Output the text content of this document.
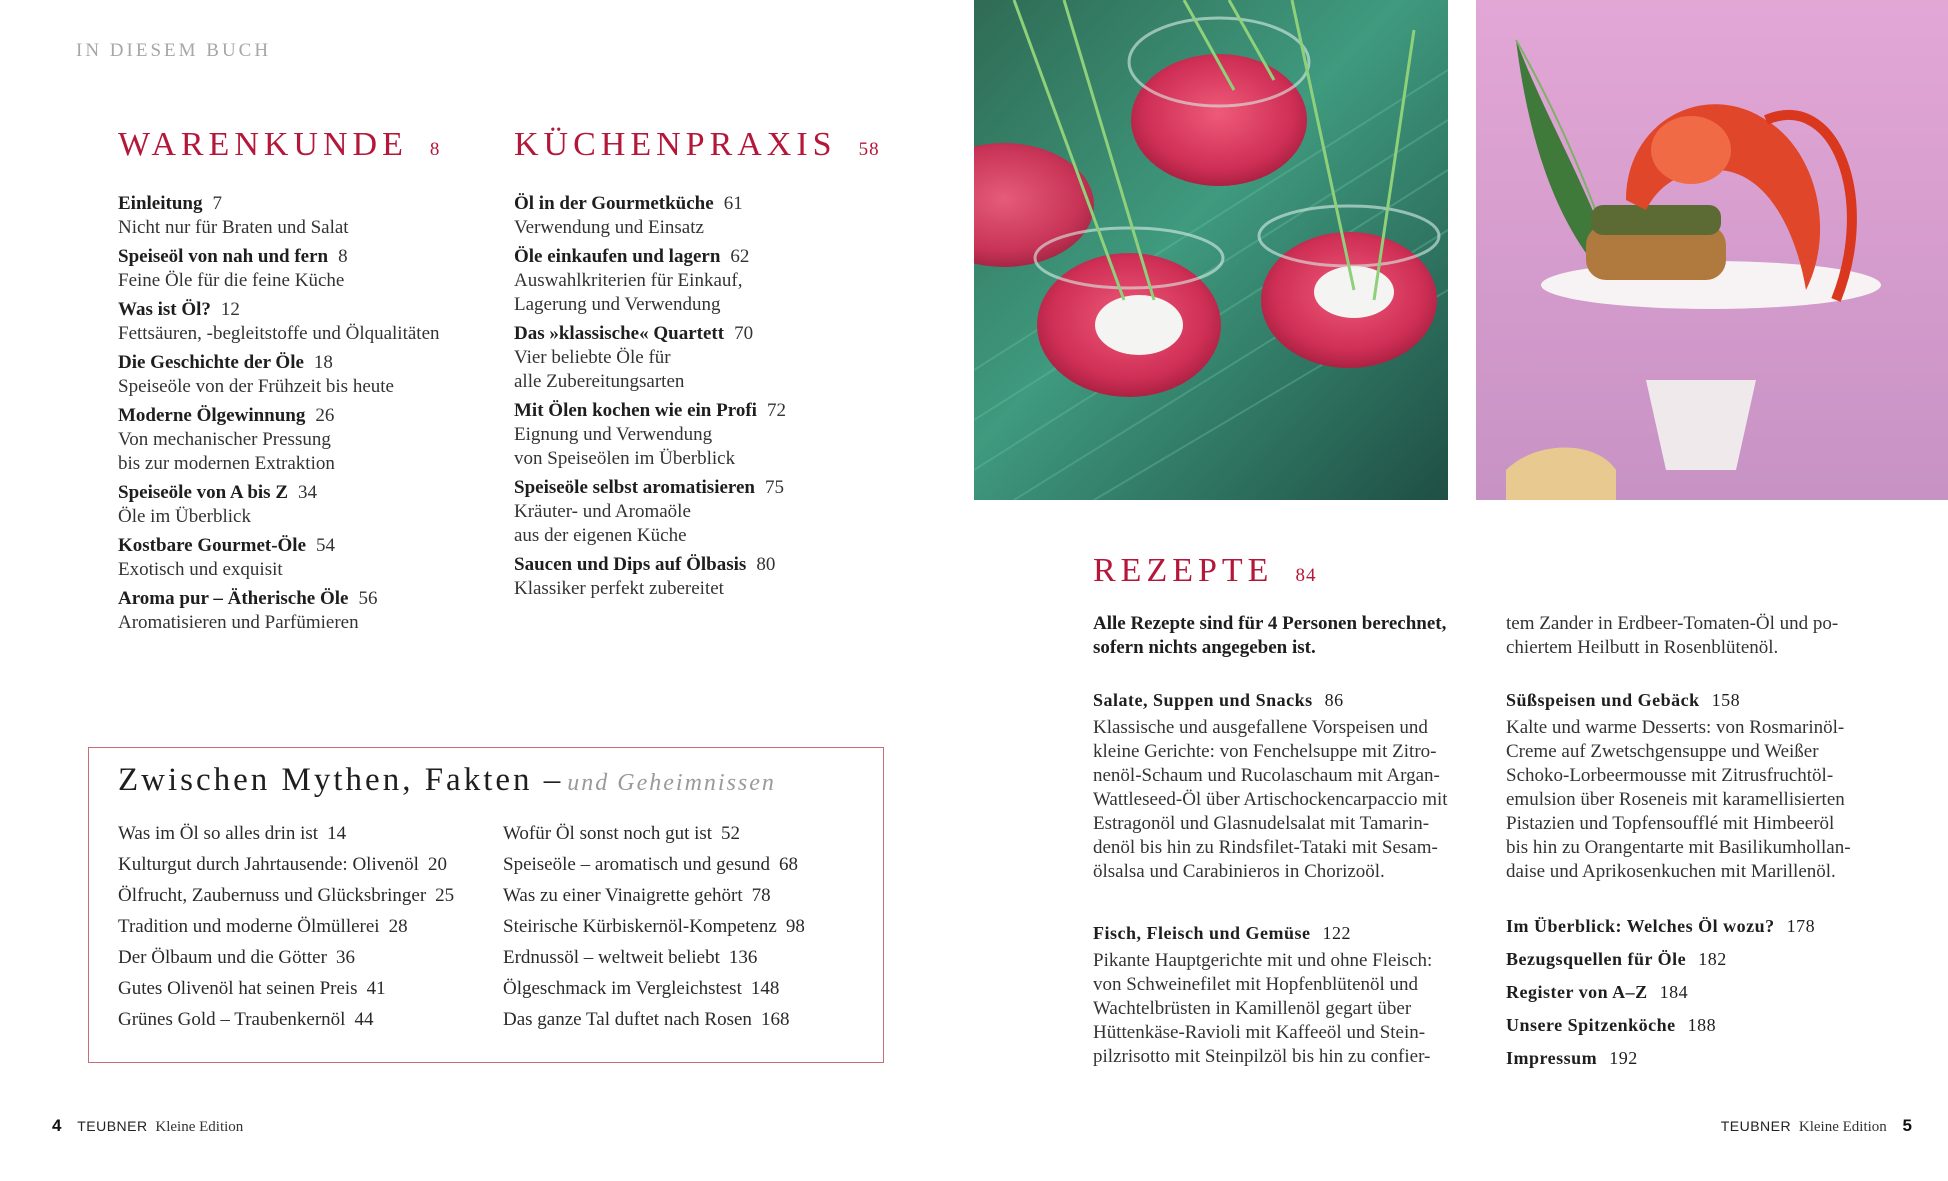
IN DIESEM BUCH
WARENKUNDE 8
Einleitung 7
Nicht nur für Braten und Salat
Speiseöl von nah und fern 8
Feine Öle für die feine Küche
Was ist Öl? 12
Fettsäuren, -begleitstoffe und Ölqualitäten
Die Geschichte der Öle 18
Speiseöle von der Frühzeit bis heute
Moderne Ölgewinnung 26
Von mechanischer Pressung
bis zur modernen Extraktion
Speiseöle von A bis Z 34
Öle im Überblick
Kostbare Gourmet-Öle 54
Exotisch und exquisit
Aroma pur – Ätherische Öle 56
Aromatisieren und Parfümieren
KÜCHENPRAXIS 58
Öl in der Gourmetküche 61
Verwendung und Einsatz
Öle einkaufen und lagern 62
Auswahlkriterien für Einkauf,
Lagerung und Verwendung
Das »klassische« Quartett 70
Vier beliebte Öle für
alle Zubereitungsarten
Mit Ölen kochen wie ein Profi 72
Eignung und Verwendung
von Speiseölen im Überblick
Speiseöle selbst aromatisieren 75
Kräuter- und Aromaöle
aus der eigenen Küche
Saucen und Dips auf Ölbasis 80
Klassiker perfekt zubereitet
Zwischen Mythen, Fakten – und Geheimnissen
Was im Öl so alles drin ist 14
Kulturgut durch Jahrtausende: Olivenöl 20
Ölfrucht, Zaubernuss und Glücksbringer 25
Tradition und moderne Ölmüllerei 28
Der Ölbaum und die Götter 36
Gutes Olivenöl hat seinen Preis 41
Grünes Gold – Traubenkernöl 44
Wofür Öl sonst noch gut ist 52
Speiseöle – aromatisch und gesund 68
Was zu einer Vinaigrette gehört 78
Steirische Kürbiskernöl-Kompetenz 98
Erdnussöl – weltweit beliebt 136
Ölgeschmack im Vergleichstest 148
Das ganze Tal duftet nach Rosen 168
REZEPTE 84
Alle Rezepte sind für 4 Personen berechnet,
sofern nichts angegeben ist.
Salate, Suppen und Snacks 86
Klassische und ausgefallene Vorspeisen und
kleine Gerichte: von Fenchelsuppe mit Zitro-
nenöl-Schaum und Rucolaschaum mit Argan-
Wattleseed-Öl über Artischockencarpaccio mit
Estragonöl und Glasnudelsalat mit Tamarin-
denöl bis hin zu Rindsfilet-Tataki mit Sesam-
ölsalsa und Carabinieros in Chorizoöl.
Fisch, Fleisch und Gemüse 122
Pikante Hauptgerichte mit und ohne Fleisch:
von Schweinefilet mit Hopfenblütenöl und
Wachtelbrüsten in Kamillenöl gegart über
Hüttenkäse-Ravioli mit Kaffeeöl und Stein-
pilzrisotto mit Steinpilzöl bis hin zu confier-
tem Zander in Erdbeer-Tomaten-Öl und po-
chiertem Heilbutt in Rosenblütenöl.
Süßspeisen und Gebäck 158
Kalte und warme Desserts: von Rosmarinöl-
Creme auf Zwetschgensuppe und Weißer
Schoko-Lorbeermousse mit Zitrusfruchtöl-
emulsion über Roseneis mit karamellisierten
Pistazien und Topfensoufflé mit Himbeeröl
bis hin zu Orangentarte mit Basilikumhollan-
daise und Aprikosenkuchen mit Marillenöl.
Im Überblick: Welches Öl wozu? 178
Bezugsquellen für Öle 182
Register von A–Z 184
Unsere Spitzenköche 188
Impressum 192
4 TEUBNER Kleine Edition	TEUBNER Kleine Edition 5
